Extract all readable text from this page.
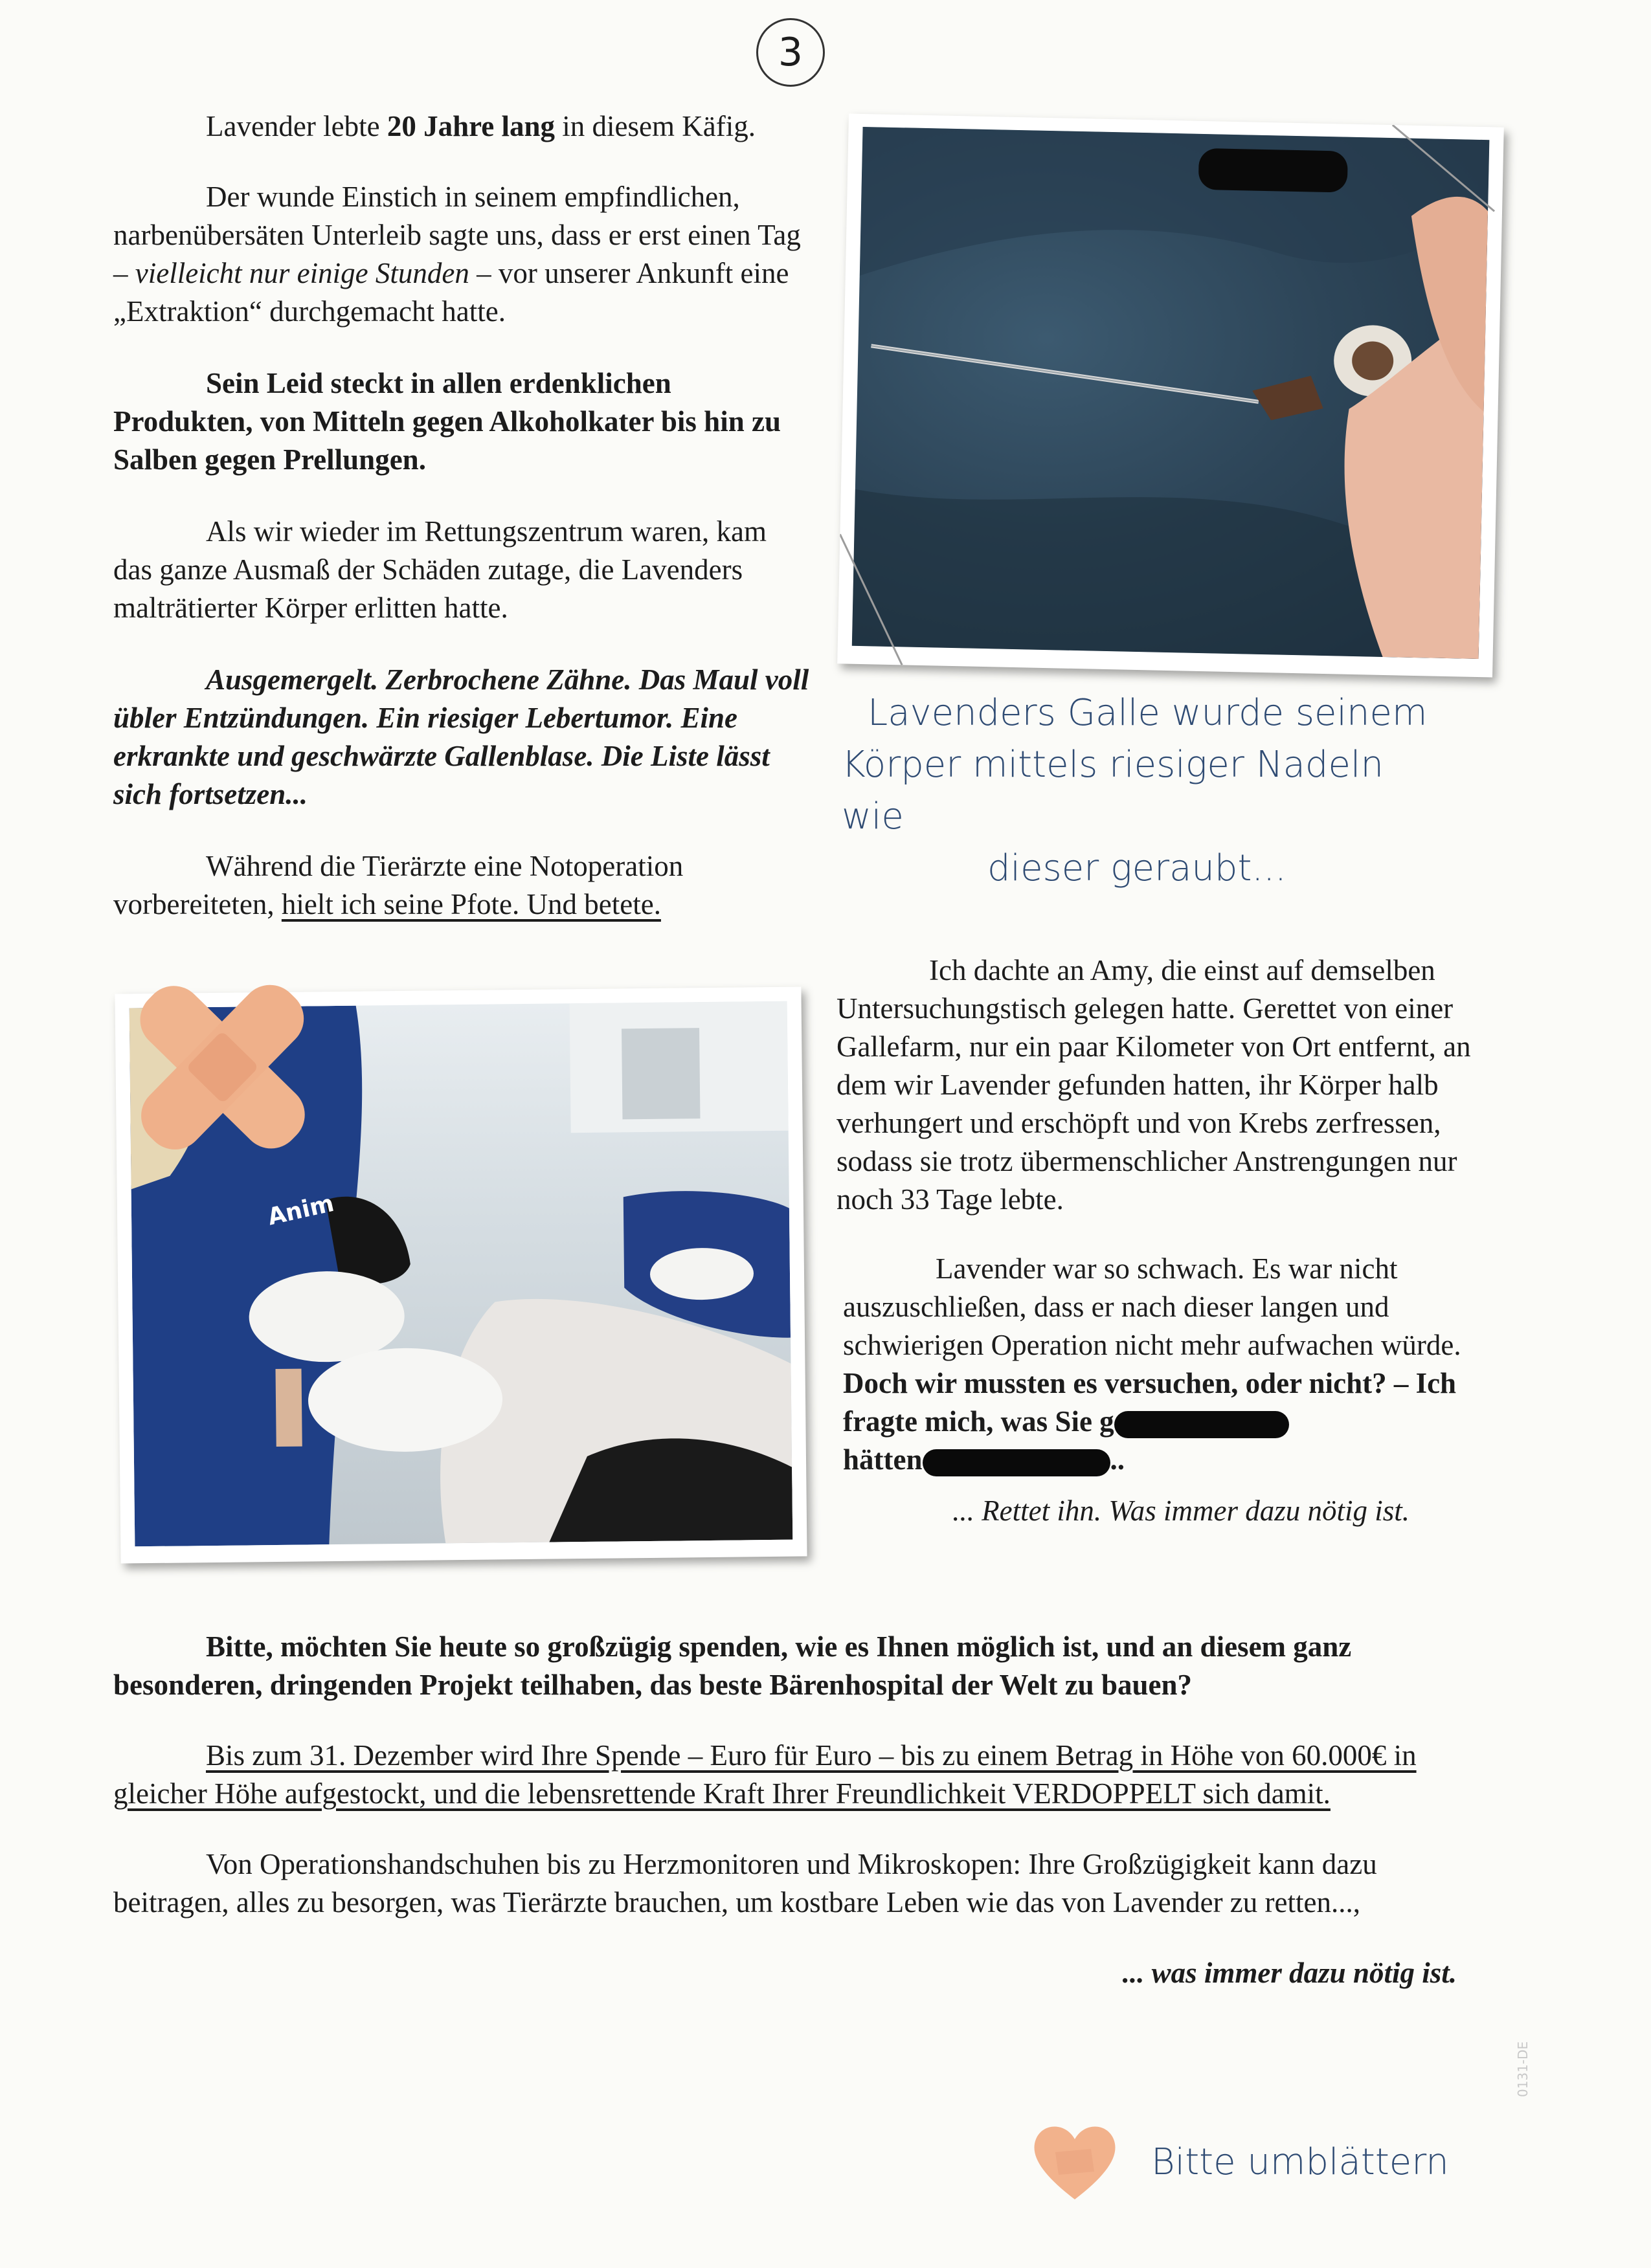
3

Lavender lebte 20 Jahre lang in diesem Käfig.

Der wunde Einstich in seinem empfindlichen, narbenübersäten Unterleib sagte uns, dass er erst einen Tag – vielleicht nur einige Stunden – vor unserer Ankunft eine „Extraktion“ durchgemacht hatte.

Sein Leid steckt in allen erdenklichen Produkten, von Mitteln gegen Alkoholkater bis hin zu Salben gegen Prellungen.

Als wir wieder im Rettungszentrum waren, kam das ganze Ausmaß der Schäden zutage, die Lavenders malträtierter Körper erlitten hatte.

Ausgemergelt. Zerbrochene Zähne. Das Maul voll übler Entzündungen. Ein riesiger Lebertumor. Eine erkrankte und geschwärzte Gallenblase. Die Liste lässt sich fortsetzen...

Während die Tierärzte eine Notoperation vorbereiteten, hielt ich seine Pfote. Und betete.

Lavenders Galle wurde seinem
Körper mittels riesiger Nadeln wie
dieser geraubt...
Anim

Ich dachte an Amy, die einst auf demselben Untersuchungstisch gelegen hatte. Gerettet von einer Gallefarm, nur ein paar Kilometer von Ort entfernt, an dem wir Lavender gefunden hatten, ihr Körper halb verhungert und erschöpft und von Krebs zerfressen, sodass sie trotz übermenschlicher Anstrengungen nur noch 33 Tage lebte.

Lavender war so schwach. Es war nicht auszuschließen, dass er nach dieser langen und schwierigen Operation nicht mehr aufwachen würde. Doch wir mussten es versuchen, oder nicht? – Ich fragte mich, was Sie g
hätten	..

... Rettet ihn. Was immer dazu nötig ist.

Bitte, möchten Sie heute so großzügig spenden, wie es Ihnen möglich ist, und an diesem ganz besonderen, dringenden Projekt teilhaben, das beste Bärenhospital der Welt zu bauen?

Bis zum 31. Dezember wird Ihre Spende – Euro für Euro – bis zu einem Betrag in Höhe von 60.000€ in gleicher Höhe aufgestockt, und die lebensrettende Kraft Ihrer Freundlichkeit VERDOPPELT sich damit.

Von Operationshandschuhen bis zu Herzmonitoren und Mikroskopen: Ihre Großzügigkeit kann dazu beitragen, alles zu besorgen, was Tierärzte brauchen, um kostbare Leben wie das von Lavender zu retten...,

... was immer dazu nötig ist.

Bitte umblättern
0131-DE
